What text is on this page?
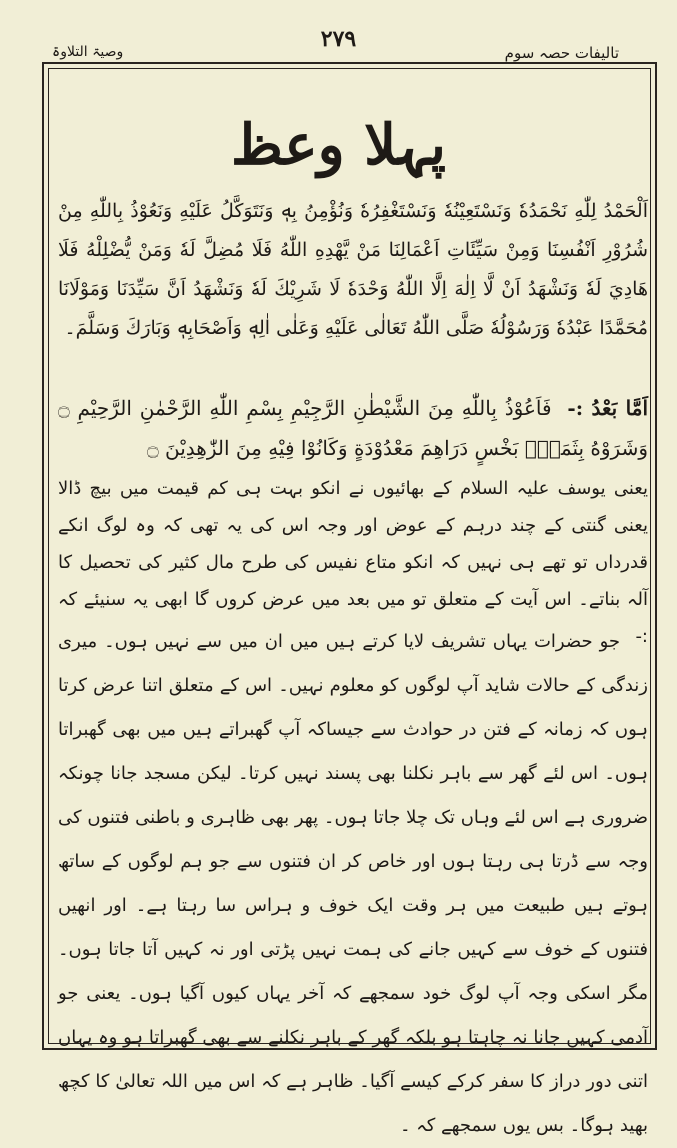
۲۷۹
تالیفات حصہ سوم
وصیۃ التلاوۃ
پہلا وعظ
اَلْحَمْدُ لِلّٰهِ نَحْمَدُهٗ وَنَسْتَعِيْنُهٗ وَنَسْتَغْفِرُهٗ وَنُؤْمِنُ بِهٖ وَنَتَوَكَّلُ عَلَيْهِ وَنَعُوْذُ بِاللّٰهِ مِنْ شُرُوْرِ اَنْفُسِنَا وَمِنْ سَيِّئَاتِ اَعْمَالِنَا مَنْ يَّهْدِهِ اللّٰهُ فَلَا مُضِلَّ لَهٗ وَمَنْ يُّضْلِلْهُ فَلَا هَادِيَ لَهٗ وَنَشْهَدُ اَنْ لَّا اِلٰهَ اِلَّا اللّٰهُ وَحْدَهٗ لَا شَرِيْكَ لَهٗ وَنَشْهَدُ اَنَّ سَيِّدَنَا وَمَوْلَانَا مُحَمَّدًا عَبْدُهٗ وَرَسُوْلُهٗ صَلَّى اللّٰهُ تَعَالٰى عَلَيْهِ وَعَلٰى اٰلِهٖ وَاَصْحَابِهٖ وَبَارَكَ وَسَلَّمَ۔
اَمَّا بَعْدُ :- فَاَعُوْذُ بِاللّٰهِ مِنَ الشَّيْطٰنِ الرَّجِيْمِ بِسْمِ اللّٰهِ الرَّحْمٰنِ الرَّحِيْمِ ۝ وَشَرَوْهُ بِثَمَنٍۭ بَخْسٍ دَرَاهِمَ مَعْدُوْدَةٍ وَكَانُوْا فِيْهِ مِنَ الزّٰهِدِيْنَ ۝

یعنی یوسف علیہ السلام کے بھائیوں نے انکو بہت ہی کم قیمت میں بیچ ڈالا یعنی گنتی کے چند درہم کے عوض اور وجہ اس کی یہ تھی کہ وہ لوگ انکے قدرداں تو تھے ہی نہیں کہ انکو متاع نفیس کی طرح مال کثیر کی تحصیل کا آلہ بناتے۔ اس آیت کے متعلق تو میں بعد میں عرض کروں گا ابھی یہ سنیئے کہ :-

جو حضرات یہاں تشریف لایا کرتے ہیں میں ان میں سے نہیں ہوں۔ میری زندگی کے حالات شاید آپ لوگوں کو معلوم نہیں۔ اس کے متعلق اتنا عرض کرتا ہوں کہ زمانہ کے فتن در حوادث سے جیساکہ آپ گھبراتے ہیں میں بھی گھبراتا ہوں۔ اس لئے گھر سے باہر نکلنا بھی پسند نہیں کرتا۔ لیکن مسجد جانا چونکہ ضروری ہے اس لئے وہاں تک چلا جاتا ہوں۔ پھر بھی ظاہری و باطنی فتنوں کی وجہ سے ڈرتا ہی رہتا ہوں اور خاص کر ان فتنوں سے جو ہم لوگوں کے ساتھ ہوتے ہیں طبیعت میں ہر وقت ایک خوف و ہراس سا رہتا ہے۔ اور انھیں فتنوں کے خوف سے کہیں جانے کی ہمت نہیں پڑتی اور نہ کہیں آتا جاتا ہوں۔ مگر اسکی وجہ آپ لوگ خود سمجھے کہ آخر یہاں کیوں آگیا ہوں۔ یعنی جو آدمی کہیں جانا نہ چاہتا ہو بلکہ گھر کے باہر نکلنے سے بھی گھبراتا ہو وہ یہاں اتنی دور دراز کا سفر کرکے کیسے آگیا۔ ظاہر ہے کہ اس میں اللہ تعالیٰ کا کچھ بھید ہوگا۔ بس یوں سمجھے کہ ۔
